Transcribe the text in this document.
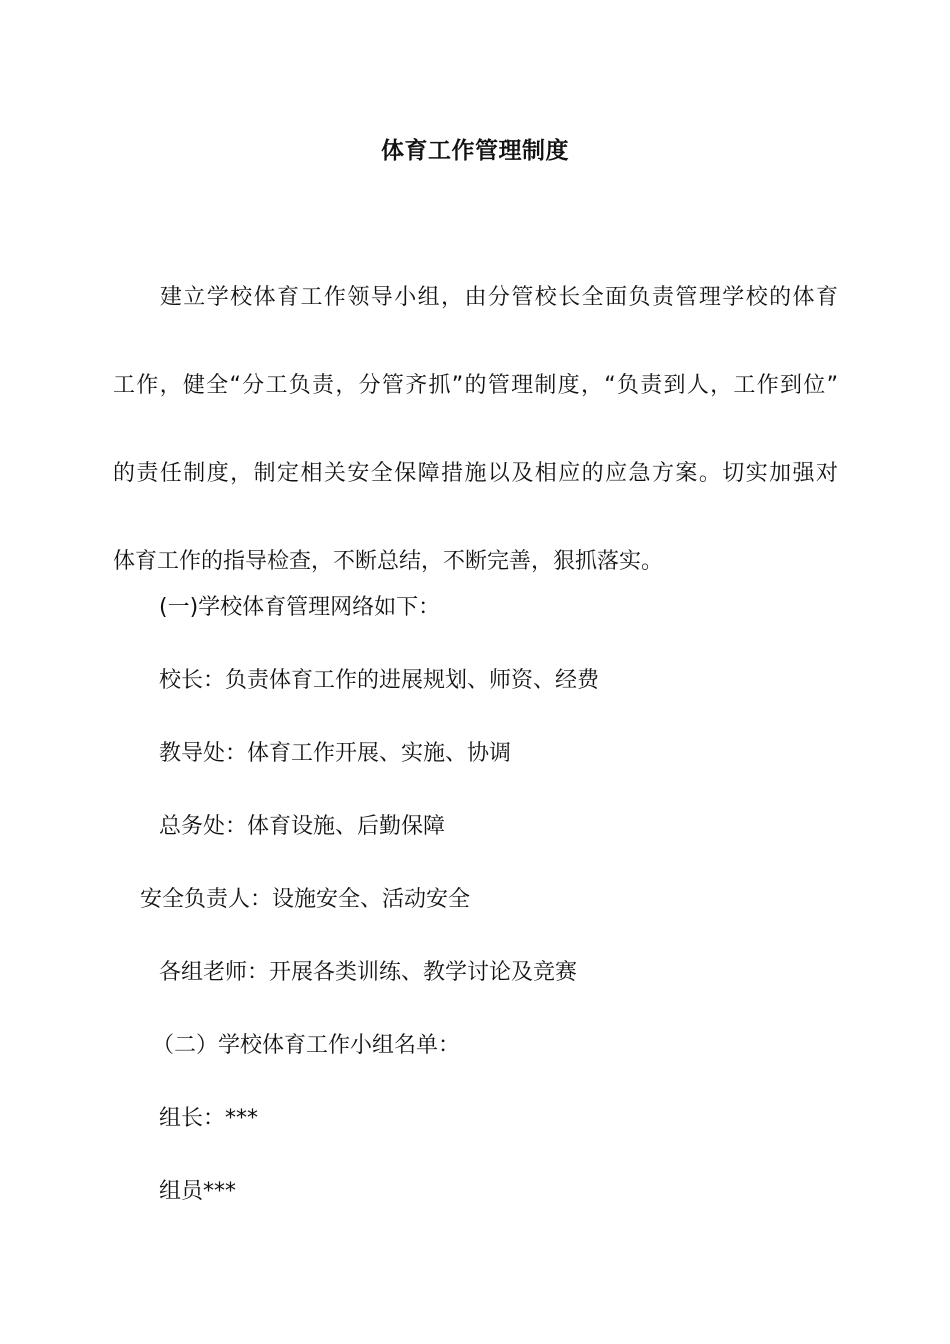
体育工作管理制度

　　建立学校体育工作领导小组，由分管校长全面负责管理学校的体育
工作，健全“分工负责，分管齐抓”的管理制度，“负责到人，工作到位”
的责任制度，制定相关安全保障措施以及相应的应急方案。切实加强对
体育工作的指导检查，不断总结，不断完善，狠抓落实。

(一)学校体育管理网络如下：
校长：负责体育工作的进展规划、师资、经费
教导处：体育工作开展、实施、协调
总务处：体育设施、后勤保障
安全负责人：设施安全、活动安全
各组老师：开展各类训练、教学讨论及竞赛
（二）学校体育工作小组名单：
组长：***
组员***
